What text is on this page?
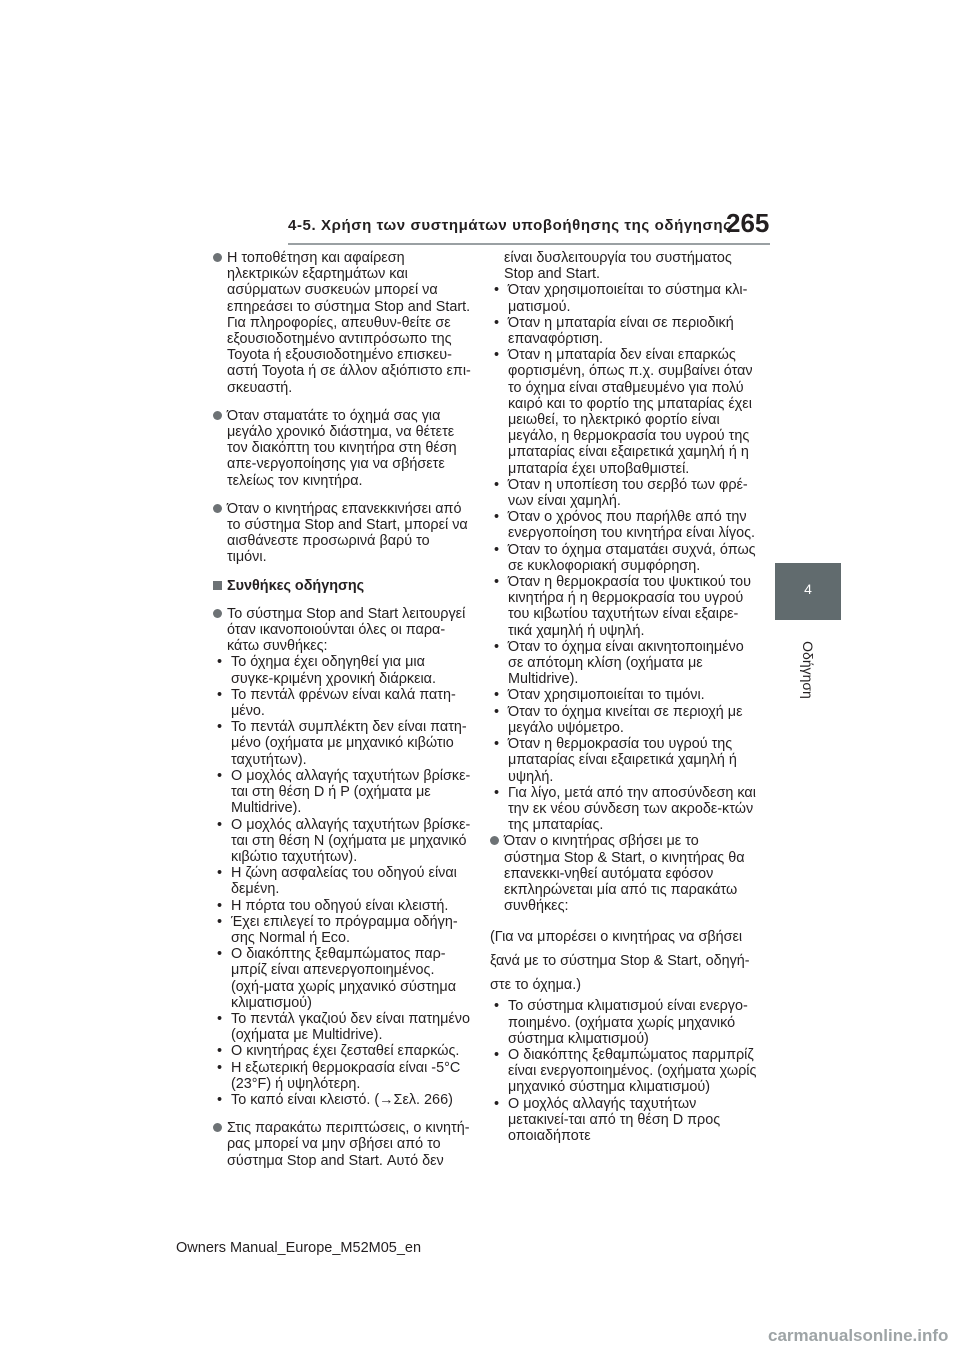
4-5. Χρήση των συστημάτων υποβοήθησης της οδήγησης
265
4
Οδήγηση
Η τοποθέτηση και αφαίρεση ηλεκτρικών εξαρτημάτων και ασύρματων συσκευών μπορεί να επηρεάσει το σύστημα Stop and Start. Για πληροφορίες, απευθυν-θείτε σε εξουσιοδοτημένο αντιπρόσωπο της Toyota ή εξουσιοδοτημένο επισκευ-αστή Toyota ή σε άλλον αξιόπιστο επι-σκευαστή.
Όταν σταματάτε το όχημά σας για μεγάλο χρονικό διάστημα, να θέτετε τον διακόπτη του κινητήρα στη θέση απε-νεργοποίησης για να σβήσετε τελείως τον κινητήρα.
Όταν ο κινητήρας επανεκκινήσει από το σύστημα Stop and Start, μπορεί να αισθάνεστε προσωρινά βαρύ το τιμόνι.
Συνθήκες οδήγησης
Το σύστημα Stop and Start λειτουργεί όταν ικανοποιούνται όλες οι παρα-κάτω συνθήκες:
• Το όχημα έχει οδηγηθεί για μια συγκε-κριμένη χρονική διάρκεια.
• Το πεντάλ φρένων είναι καλά πατη-μένο.
• Το πεντάλ συμπλέκτη δεν είναι πατη-μένο (οχήματα με μηχανικό κιβώτιο ταχυτήτων).
• Ο μοχλός αλλαγής ταχυτήτων βρίσκε-ται στη θέση D ή P (οχήματα με Multidrive).
• Ο μοχλός αλλαγής ταχυτήτων βρίσκε-ται στη θέση N (οχήματα με μηχανικό κιβώτιο ταχυτήτων).
• Η ζώνη ασφαλείας του οδηγού είναι δεμένη.
• Η πόρτα του οδηγού είναι κλειστή.
• Έχει επιλεγεί το πρόγραμμα οδήγη-σης Normal ή Eco.
• Ο διακόπτης ξεθαμπώματος παρ-μπρίζ είναι απενεργοποιημένος. (οχή-ματα χωρίς μηχανικό σύστημα κλιματισμού)
• Το πεντάλ γκαζιού δεν είναι πατημένο (οχήματα με Multidrive).
• Ο κινητήρας έχει ζεσταθεί επαρκώς.
• Η εξωτερική θερμοκρασία είναι -5°C (23°F) ή υψηλότερη.
• Το καπό είναι κλειστό. (→Σελ. 266)
Στις παρακάτω περιπτώσεις, ο κινητή-ρας μπορεί να μην σβήσει από το σύστημα Stop and Start. Αυτό δεν
είναι δυσλειτουργία του συστήματος Stop and Start.
• Όταν χρησιμοποιείται το σύστημα κλι-ματισμού.
• Όταν η μπαταρία είναι σε περιοδική επαναφόρτιση.
• Όταν η μπαταρία δεν είναι επαρκώς φορτισμένη, όπως π.χ. συμβαίνει όταν το όχημα είναι σταθμευμένο για πολύ καιρό και το φορτίο της μπαταρίας έχει μειωθεί, το ηλεκτρικό φορτίο είναι μεγάλο, η θερμοκρασία του υγρού της μπαταρίας είναι εξαιρετικά χαμηλή ή η μπαταρία έχει υποβαθμιστεί.
• Όταν η υποπίεση του σερβό των φρέ-νων είναι χαμηλή.
• Όταν ο χρόνος που παρήλθε από την ενεργοποίηση του κινητήρα είναι λίγος.
• Όταν το όχημα σταματάει συχνά, όπως σε κυκλοφοριακή συμφόρηση.
• Όταν η θερμοκρασία του ψυκτικού του κινητήρα ή η θερμοκρασία του υγρού του κιβωτίου ταχυτήτων είναι εξαιρε-τικά χαμηλή ή υψηλή.
• Όταν το όχημα είναι ακινητοποιημένο σε απότομη κλίση (οχήματα με Multidrive).
• Όταν χρησιμοποιείται το τιμόνι.
• Όταν το όχημα κινείται σε περιοχή με μεγάλο υψόμετρο.
• Όταν η θερμοκρασία του υγρού της μπαταρίας είναι εξαιρετικά χαμηλή ή υψηλή.
• Για λίγο, μετά από την αποσύνδεση και την εκ νέου σύνδεση των ακροδε-κτών της μπαταρίας.
Όταν ο κινητήρας σβήσει με το σύστημα Stop & Start, ο κινητήρας θα επανεκκι-νηθεί αυτόματα εφόσον εκπληρώνεται μία από τις παρακάτω συνθήκες:
(Για να μπορέσει ο κινητήρας να σβήσει
ξανά με το σύστημα Stop & Start, οδηγή-
στε το όχημα.)
• Το σύστημα κλιματισμού είναι ενεργο-ποιημένο. (οχήματα χωρίς μηχανικό σύστημα κλιματισμού)
• Ο διακόπτης ξεθαμπώματος παρμπρίζ είναι ενεργοποιημένος. (οχήματα χωρίς μηχανικό σύστημα κλιματισμού)
• Ο μοχλός αλλαγής ταχυτήτων μετακινεί-ται από τη θέση D προς οποιαδήποτε
Owners Manual_Europe_M52M05_en
carmanualsonline.info
